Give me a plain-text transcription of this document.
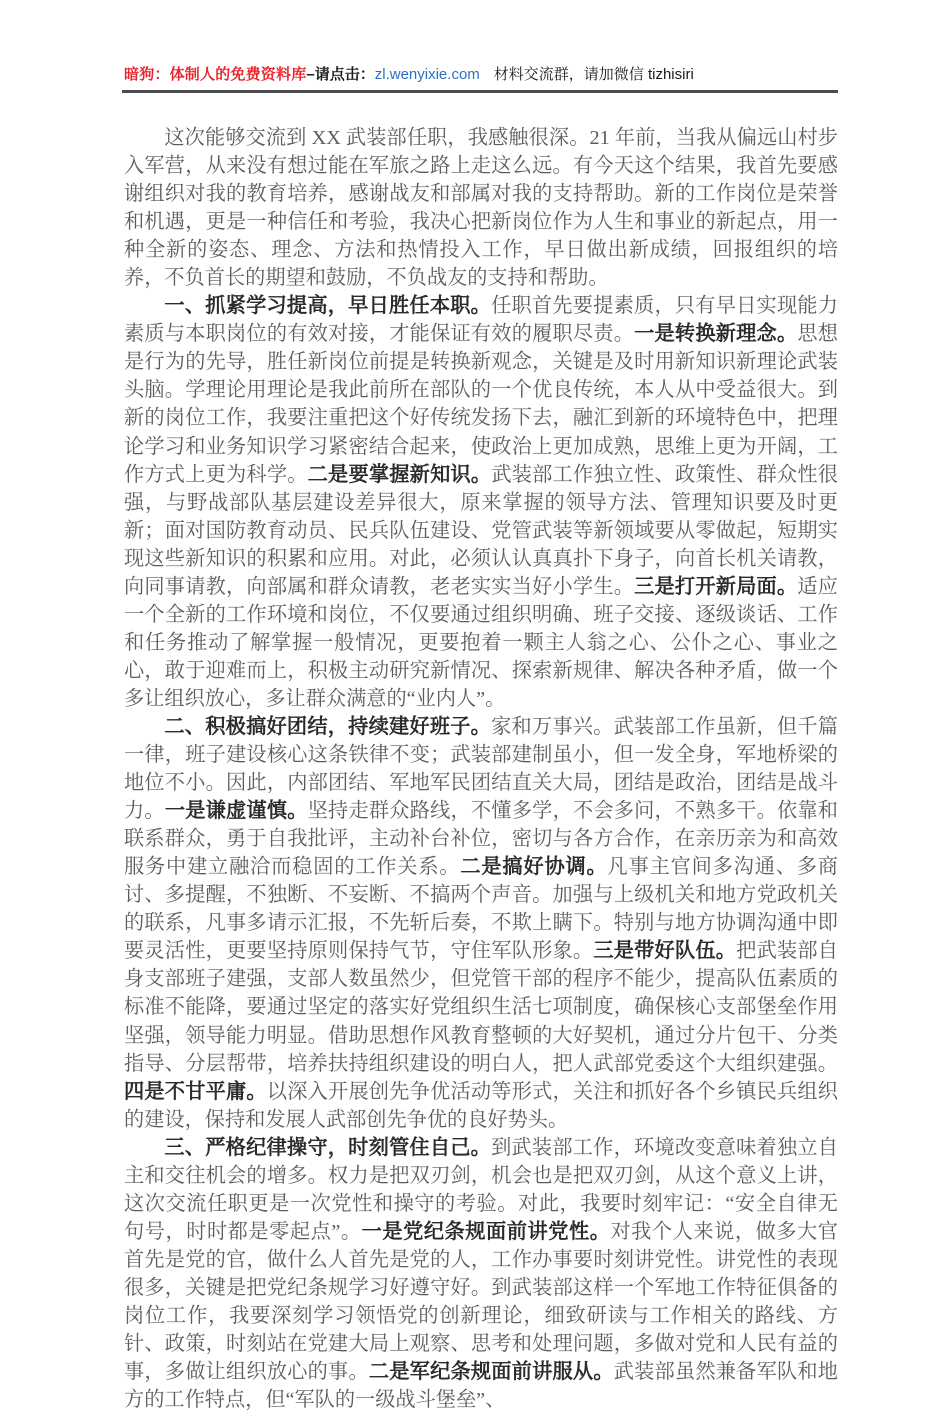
暗狗：体制人的免费资料库–请点击：zl.wenyixie.com 材料交流群，请加微信 tizhisiri

这次能够交流到 XX 武装部任职，我感触很深。21 年前，当我从偏远山村步入军营，从来没有想过能在军旅之路上走这么远。有今天这个结果，我首先要感谢组织对我的教育培养，感谢战友和部属对我的支持帮助。新的工作岗位是荣誉和机遇，更是一种信任和考验，我决心把新岗位作为人生和事业的新起点，用一种全新的姿态、理念、方法和热情投入工作，早日做出新成绩，回报组织的培养，不负首长的期望和鼓励，不负战友的支持和帮助。

一、抓紧学习提高，早日胜任本职。任职首先要提素质，只有早日实现能力素质与本职岗位的有效对接，才能保证有效的履职尽责。一是转换新理念。思想是行为的先导，胜任新岗位前提是转换新观念，关键是及时用新知识新理论武装头脑。学理论用理论是我此前所在部队的一个优良传统，本人从中受益很大。到新的岗位工作，我要注重把这个好传统发扬下去，融汇到新的环境特色中，把理论学习和业务知识学习紧密结合起来，使政治上更加成熟，思维上更为开阔，工作方式上更为科学。二是要掌握新知识。武装部工作独立性、政策性、群众性很强，与野战部队基层建设差异很大，原来掌握的领导方法、管理知识要及时更新；面对国防教育动员、民兵队伍建设、党管武装等新领域要从零做起，短期实现这些新知识的积累和应用。对此，必须认认真真扑下身子，向首长机关请教，向同事请教，向部属和群众请教，老老实实当好小学生。三是打开新局面。适应一个全新的工作环境和岗位，不仅要通过组织明确、班子交接、逐级谈话、工作和任务推动了解掌握一般情况，更要抱着一颗主人翁之心、公仆之心、事业之心，敢于迎难而上，积极主动研究新情况、探索新规律、解决各种矛盾，做一个多让组织放心，多让群众满意的“业内人”。

二、积极搞好团结，持续建好班子。家和万事兴。武装部工作虽新，但千篇一律，班子建设核心这条铁律不变；武装部建制虽小，但一发全身，军地桥梁的地位不小。因此，内部团结、军地军民团结直关大局，团结是政治，团结是战斗力。一是谦虚谨慎。坚持走群众路线，不懂多学，不会多问，不熟多干。依靠和联系群众，勇于自我批评，主动补台补位，密切与各方合作，在亲历亲为和高效服务中建立融洽而稳固的工作关系。二是搞好协调。凡事主官间多沟通、多商讨、多提醒，不独断、不妄断、不搞两个声音。加强与上级机关和地方党政机关的联系，凡事多请示汇报，不先斩后奏，不欺上瞒下。特别与地方协调沟通中即要灵活性，更要坚持原则保持气节，守住军队形象。三是带好队伍。把武装部自身支部班子建强，支部人数虽然少，但党管干部的程序不能少，提高队伍素质的标准不能降，要通过坚定的落实好党组织生活七项制度，确保核心支部堡垒作用坚强，领导能力明显。借助思想作风教育整顿的大好契机，通过分片包干、分类指导、分层帮带，培养扶持组织建设的明白人，把人武部党委这个大组织建强。四是不甘平庸。以深入开展创先争优活动等形式，关注和抓好各个乡镇民兵组织的建设，保持和发展人武部创先争优的良好势头。

三、严格纪律操守，时刻管住自己。到武装部工作，环境改变意味着独立自主和交往机会的增多。权力是把双刃剑，机会也是把双刃剑，从这个意义上讲，这次交流任职更是一次党性和操守的考验。对此，我要时刻牢记：“安全自律无句号，时时都是零起点”。一是党纪条规面前讲党性。对我个人来说，做多大官首先是党的官，做什么人首先是党的人，工作办事要时刻讲党性。讲党性的表现很多，关键是把党纪条规学习好遵守好。到武装部这样一个军地工作特征俱备的岗位工作，我要深刻学习领悟党的创新理论，细致研读与工作相关的路线、方针、政策，时刻站在党建大局上观察、思考和处理问题，多做对党和人民有益的事，多做让组织放心的事。二是军纪条规面前讲服从。武装部虽然兼备军队和地方的工作特点，但“军队的一级战斗堡垒”、
